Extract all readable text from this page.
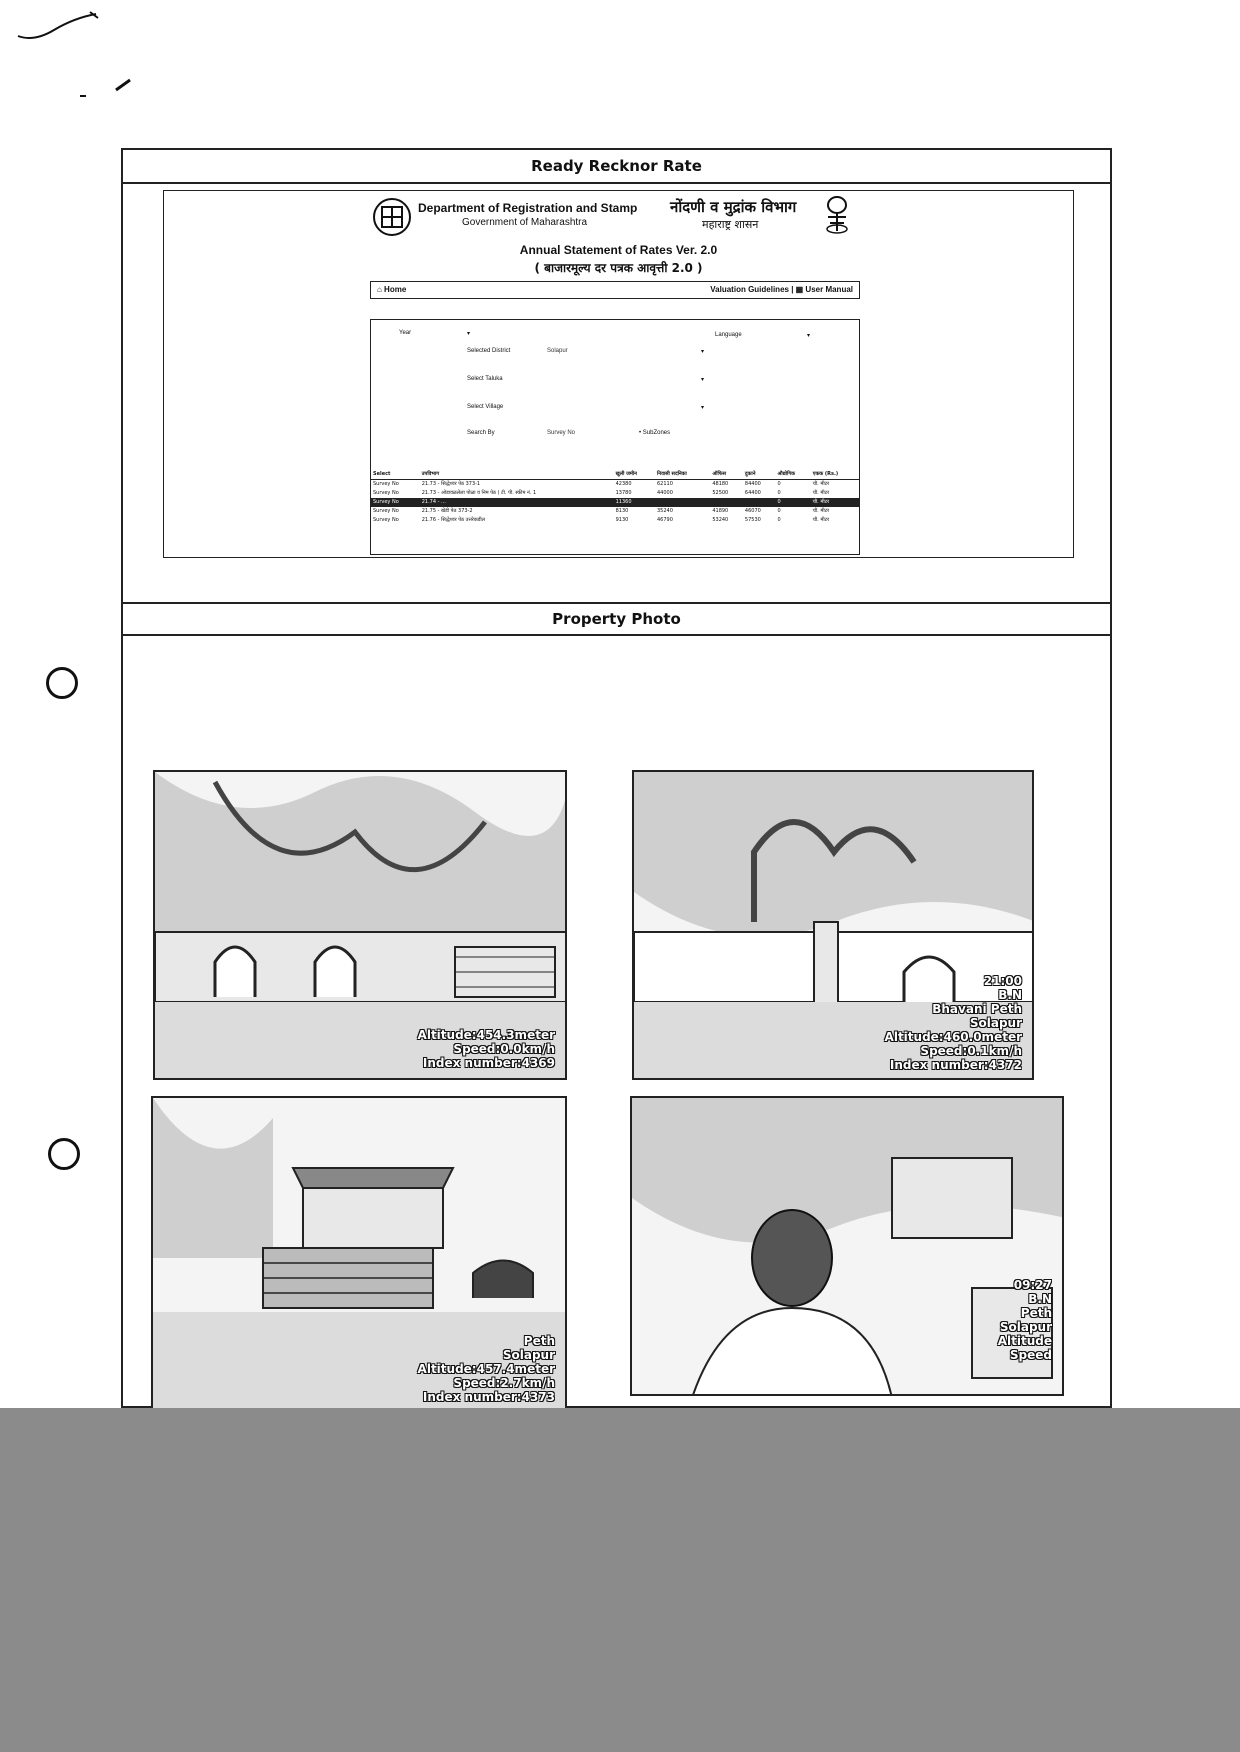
Ready Recknor Rate
Department of Registration and Stamp
Government of Maharashtra
नोंदणी व मुद्रांक विभाग
महाराष्ट्र शासन
Annual Statement of Rates Ver. 2.0
( बाजारमूल्य दर पत्रक आवृत्ती 2.0 )
⌂ Home	Valuation Guidelines | ▦ User Manual
Year	▾	Language	▾
Selected District	Solapur	▾
Select Taluka	▾
Select Village	▾
Search By	Survey No	• SubZones
Select	उपविभाग	खुली जमीन	निवासी सदनिका	ऑफिस	दुकाने	औद्योगिक	एकक (Rs.)
Survey No	21.73 - सिद्धेश्वर पेठ 373-1	42380	62110	48180	84400	0	चौ. मीटर
Survey No	21.73 - ओडावळलेला पोळा व निम पेठ ( टी. पी. स्कीम नं. 1	13780	44000	52500	64400	0	चौ. मीटर
Survey No	21.74 - ...	11360				0	चौ. मीटर
Survey No	21.75 - खेडी पेठ 373-2	8130	35240	41890	46070	0	चौ. मीटर
Survey No	21.76 - सिद्धेश्वर पेठ उत्तरेकडील	9130	46790	53240	57530	0	चौ. मीटर
Property Photo
Altitude:454.3meter
Speed:0.0km/h
Index number:4369
21:00
B.N
Bhavani Peth
Solapur
Altitude:460.0meter
Speed:0.1km/h
Index number:4372
Peth
Solapur
Altitude:457.4meter
Speed:2.7km/h
Index number:4373
09:27
B.N
Peth
Solapur
Altitude
Speed
